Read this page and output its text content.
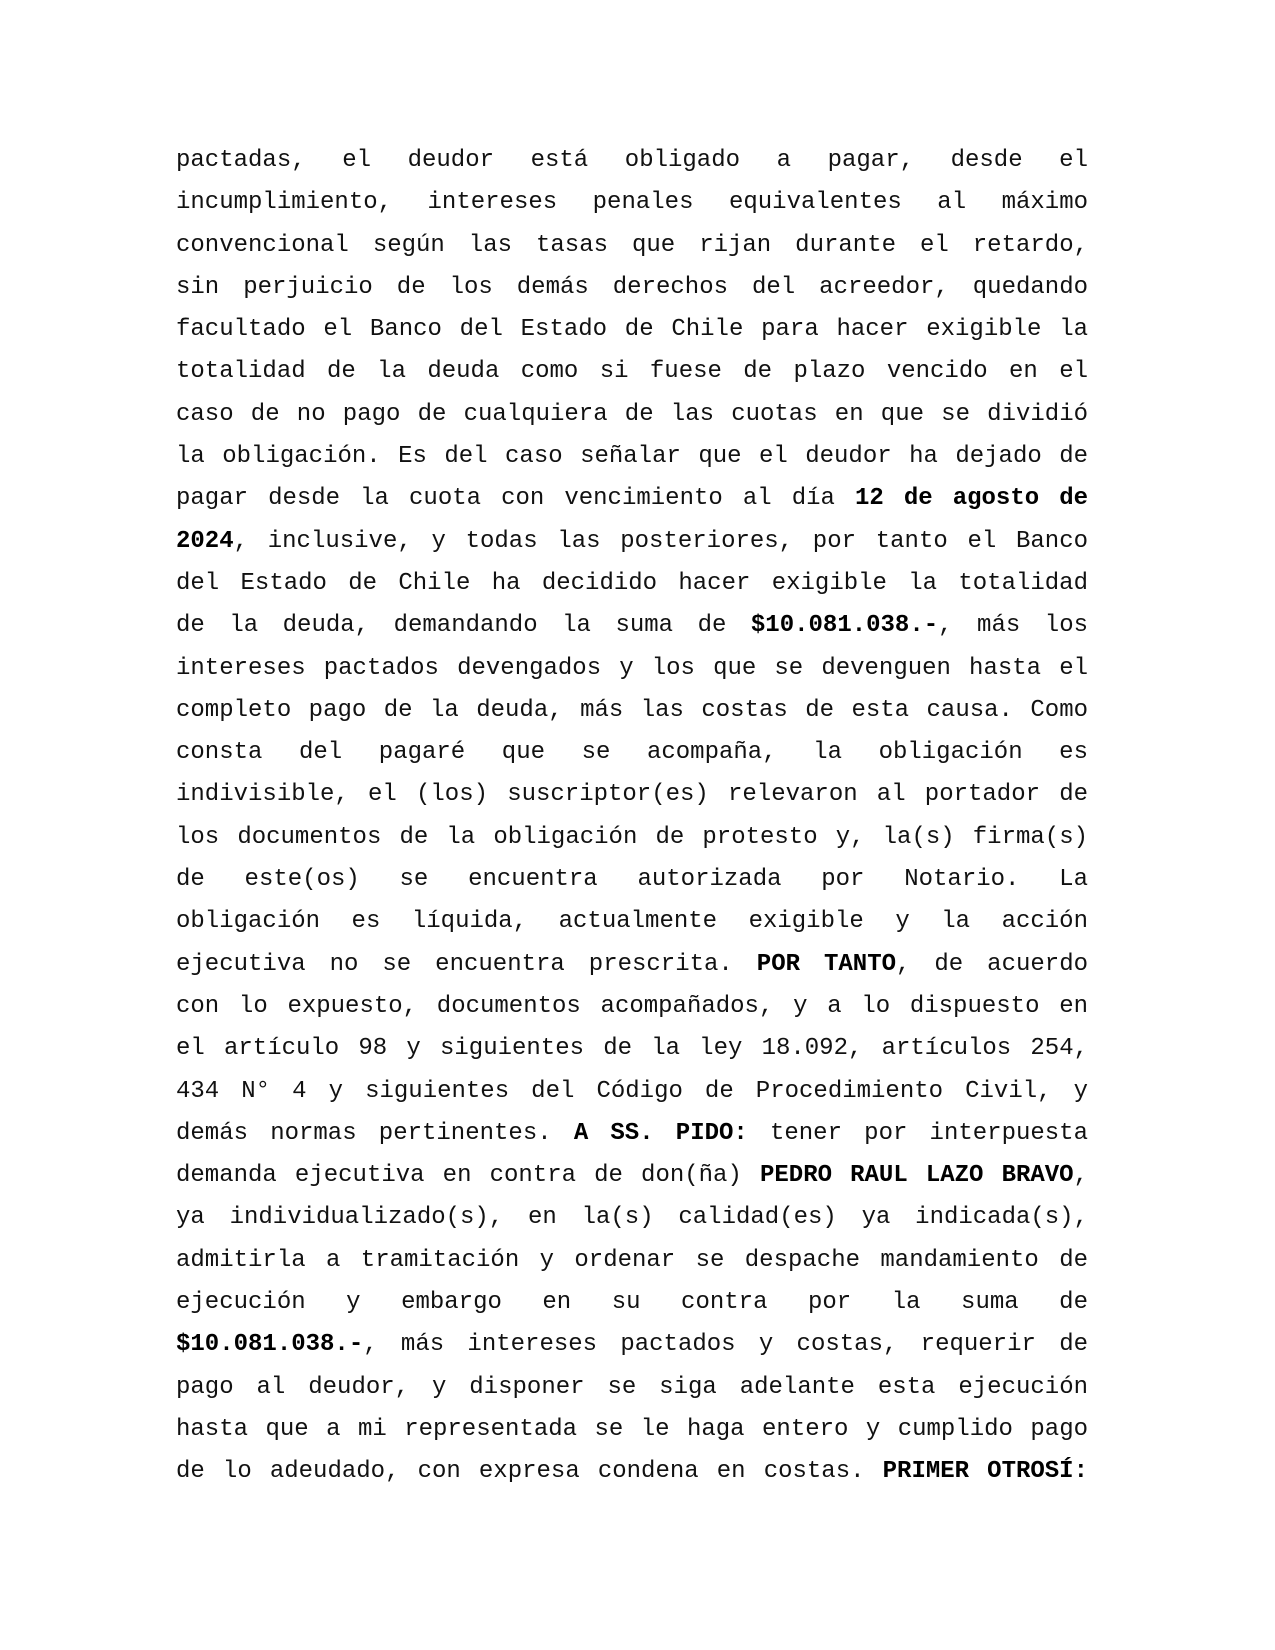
pactadas, el deudor está obligado a pagar, desde el
incumplimiento, intereses penales equivalentes al máximo
convencional según las tasas que rijan durante el retardo,
sin perjuicio de los demás derechos del acreedor, quedando
facultado el Banco del Estado de Chile para hacer exigible la
totalidad de la deuda como si fuese de plazo vencido en el
caso de no pago de cualquiera de las cuotas en que se dividió
la obligación. Es del caso señalar que el deudor ha dejado de
pagar desde la cuota con vencimiento al día 12 de agosto de
2024, inclusive, y todas las posteriores, por tanto el Banco
del Estado de Chile ha decidido hacer exigible la totalidad
de la deuda, demandando la suma de $10.081.038.-, más los
intereses pactados devengados y los que se devenguen hasta el
completo pago de la deuda, más las costas de esta causa. Como
consta del pagaré que se acompaña, la obligación es
indivisible, el (los) suscriptor(es) relevaron al portador de
los documentos de la obligación de protesto y, la(s) firma(s)
de este(os) se encuentra autorizada por Notario. La
obligación es líquida, actualmente exigible y la acción
ejecutiva no se encuentra prescrita. POR TANTO, de acuerdo
con lo expuesto, documentos acompañados, y a lo dispuesto en
el artículo 98 y siguientes de la ley 18.092, artículos 254,
434 N° 4 y siguientes del Código de Procedimiento Civil, y
demás normas pertinentes. A SS. PIDO: tener por interpuesta
demanda ejecutiva en contra de don(ña) PEDRO RAUL LAZO BRAVO,
ya individualizado(s), en la(s) calidad(es) ya indicada(s),
admitirla a tramitación y ordenar se despache mandamiento de
ejecución y embargo en su contra por la suma de
$10.081.038.-, más intereses pactados y costas, requerir de
pago al deudor, y disponer se siga adelante esta ejecución
hasta que a mi representada se le haga entero y cumplido pago
de lo adeudado, con expresa condena en costas. PRIMER OTROSÍ:
